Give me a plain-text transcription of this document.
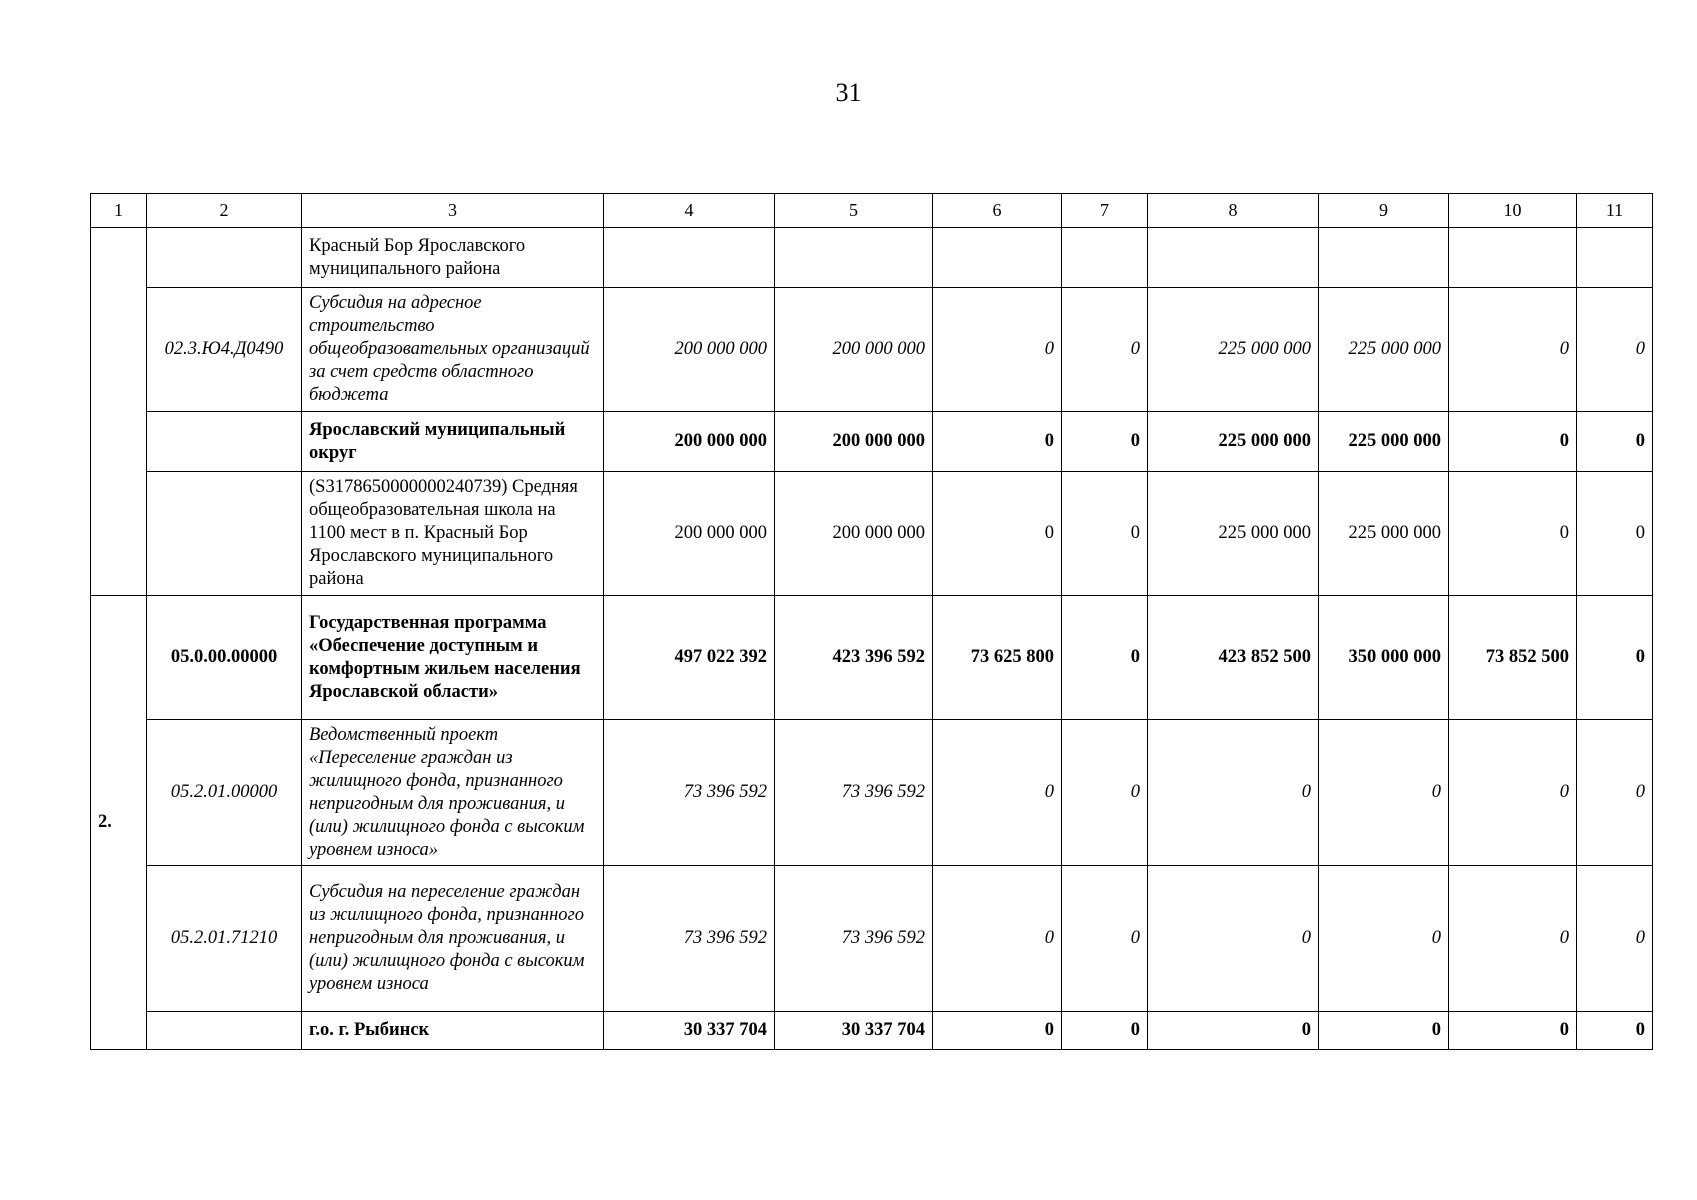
31
1	2	3	4	5	6	7	8	9	10	11
		Красный Бор Ярославского муниципального района								
	02.3.Ю4.Д0490	Субсидия на адресное строительство общеобразовательных организаций за счет средств областного бюджета	200 000 000	200 000 000	0	0	225 000 000	225 000 000	0	0
		Ярославский муниципальный округ	200 000 000	200 000 000	0	0	225 000 000	225 000 000	0	0
		(S3178650000000240739) Средняя общеобразовательная школа на 1100 мест в п. Красный Бор Ярославского муниципального района	200 000 000	200 000 000	0	0	225 000 000	225 000 000	0	0
2.	05.0.00.00000	Государственная программа «Обеспечение доступным и комфортным жильем населения Ярославской области»	497 022 392	423 396 592	73 625 800	0	423 852 500	350 000 000	73 852 500	0
	05.2.01.00000	Ведомственный проект «Переселение граждан из жилищного фонда, признанного непригодным для проживания, и (или) жилищного фонда с высоким уровнем износа»	73 396 592	73 396 592	0	0	0	0	0	0
	05.2.01.71210	Субсидия на переселение граждан из жилищного фонда, признанного непригодным для проживания, и (или) жилищного фонда с высоким уровнем износа	73 396 592	73 396 592	0	0	0	0	0	0
		г.о. г. Рыбинск	30 337 704	30 337 704	0	0	0	0	0	0
